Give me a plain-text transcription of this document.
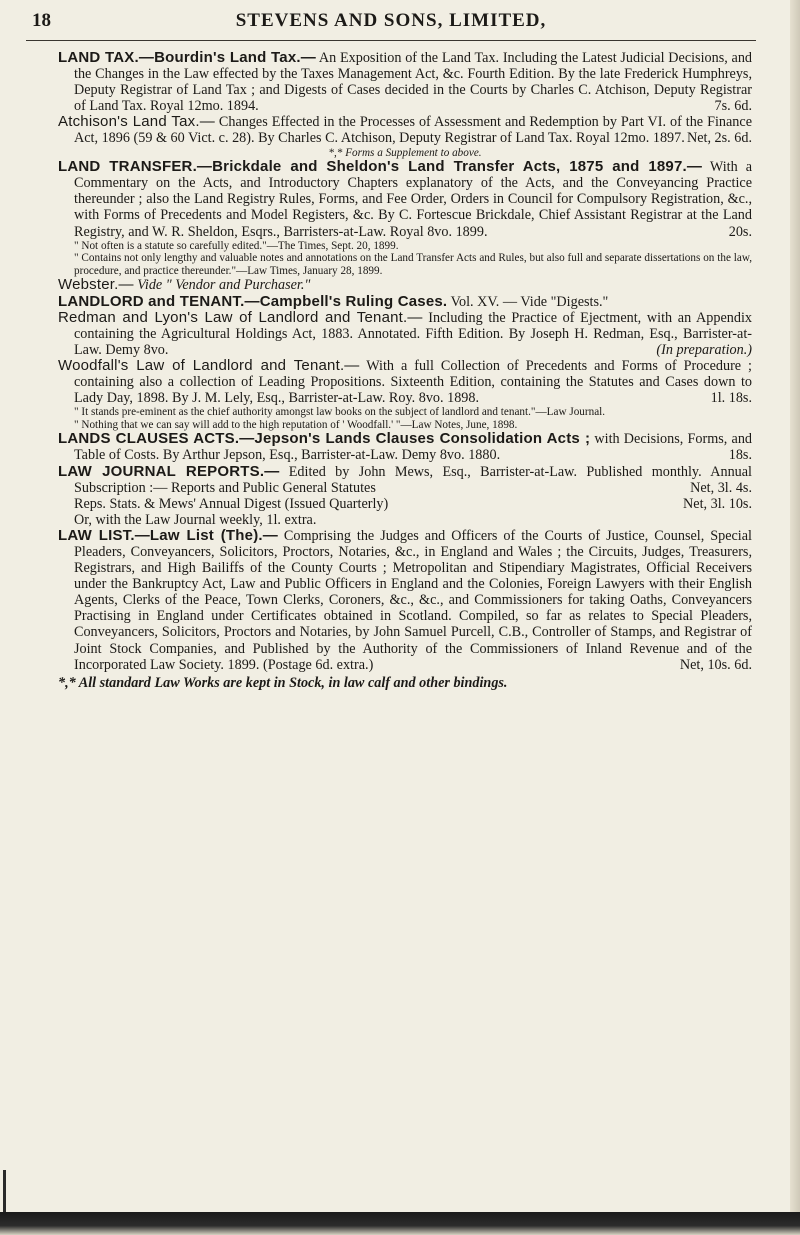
18	STEVENS AND SONS, LIMITED,
LAND TAX.—Bourdin's Land Tax.— An Exposition of the Land Tax. Including the Latest Judicial Decisions, and the Changes in the Law effected by the Taxes Management Act, &c. Fourth Edition. By the late Frederick Humphreys, Deputy Registrar of Land Tax ; and Digests of Cases decided in the Courts by Charles C. Atchison, Deputy Registrar of Land Tax. Royal 12mo. 1894.	7s. 6d.
Atchison's Land Tax.— Changes Effected in the Processes of Assessment and Redemption by Part VI. of the Finance Act, 1896 (59 & 60 Vict. c. 28). By Charles C. Atchison, Deputy Registrar of Land Tax. Royal 12mo. 1897. Net, 2s. 6d.
*,* Forms a Supplement to above.
LAND TRANSFER.—Brickdale and Sheldon's Land Transfer Acts, 1875 and 1897.— With a Commentary on the Acts, and Introductory Chapters explanatory of the Acts, and the Conveyancing Practice thereunder ; also the Land Registry Rules, Forms, and Fee Order, Orders in Council for Compulsory Registration, &c., with Forms of Precedents and Model Registers, &c. By C. Fortescue Brickdale, Chief Assistant Registrar at the Land Registry, and W. R. Sheldon, Esqrs., Barristers-at-Law. Royal 8vo. 1899.	20s.
" Not often is a statute so carefully edited."—The Times, Sept. 20, 1899.
" Contains not only lengthy and valuable notes and annotations on the Land Transfer Acts and Rules, but also full and separate dissertations on the law, procedure, and practice thereunder."—Law Times, January 28, 1899.
Webster.— Vide " Vendor and Purchaser."
LANDLORD and TENANT.—Campbell's Ruling Cases. Vol. XV. — Vide "Digests."
Redman and Lyon's Law of Landlord and Tenant.— Including the Practice of Ejectment, with an Appendix containing the Agricultural Holdings Act, 1883. Annotated. Fifth Edition. By Joseph H. Redman, Esq., Barrister-at-Law. Demy 8vo.	(In preparation.)
Woodfall's Law of Landlord and Tenant.— With a full Collection of Precedents and Forms of Procedure ; containing also a collection of Leading Propositions. Sixteenth Edition, containing the Statutes and Cases down to Lady Day, 1898. By J. M. Lely, Esq., Barrister-at-Law. Roy. 8vo. 1898.	1l. 18s.
" It stands pre-eminent as the chief authority amongst law books on the subject of landlord and tenant."—Law Journal.
" Nothing that we can say will add to the high reputation of ' Woodfall.' "—Law Notes, June, 1898.
LANDS CLAUSES ACTS.—Jepson's Lands Clauses Consolidation Acts ; with Decisions, Forms, and Table of Costs. By Arthur Jepson, Esq., Barrister-at-Law. Demy 8vo. 1880.	18s.
LAW JOURNAL REPORTS.— Edited by John Mews, Esq., Barrister-at-Law. Published monthly. Annual Subscription :— Reports and Public General Statutes	Net, 3l. 4s.

Reps. Stats. & Mews' Annual Digest (Issued Quarterly)	Net, 3l. 10s.

Or, with the Law Journal weekly, 1l. extra.
LAW LIST.—Law List (The).— Comprising the Judges and Officers of the Courts of Justice, Counsel, Special Pleaders, Conveyancers, Solicitors, Proctors, Notaries, &c., in England and Wales ; the Circuits, Judges, Treasurers, Registrars, and High Bailiffs of the County Courts ; Metropolitan and Stipendiary Magistrates, Official Receivers under the Bankruptcy Act, Law and Public Officers in England and the Colonies, Foreign Lawyers with their English Agents, Clerks of the Peace, Town Clerks, Coroners, &c., &c., and Commissioners for taking Oaths, Conveyancers Practising in England under Certificates obtained in Scotland. Compiled, so far as relates to Special Pleaders, Conveyancers, Solicitors, Proctors and Notaries, by John Samuel Purcell, C.B., Controller of Stamps, and Registrar of Joint Stock Companies, and Published by the Authority of the Commissioners of Inland Revenue and of the Incorporated Law Society. 1899. (Postage 6d. extra.)	Net, 10s. 6d.
*,* All standard Law Works are kept in Stock, in law calf and other bindings.
